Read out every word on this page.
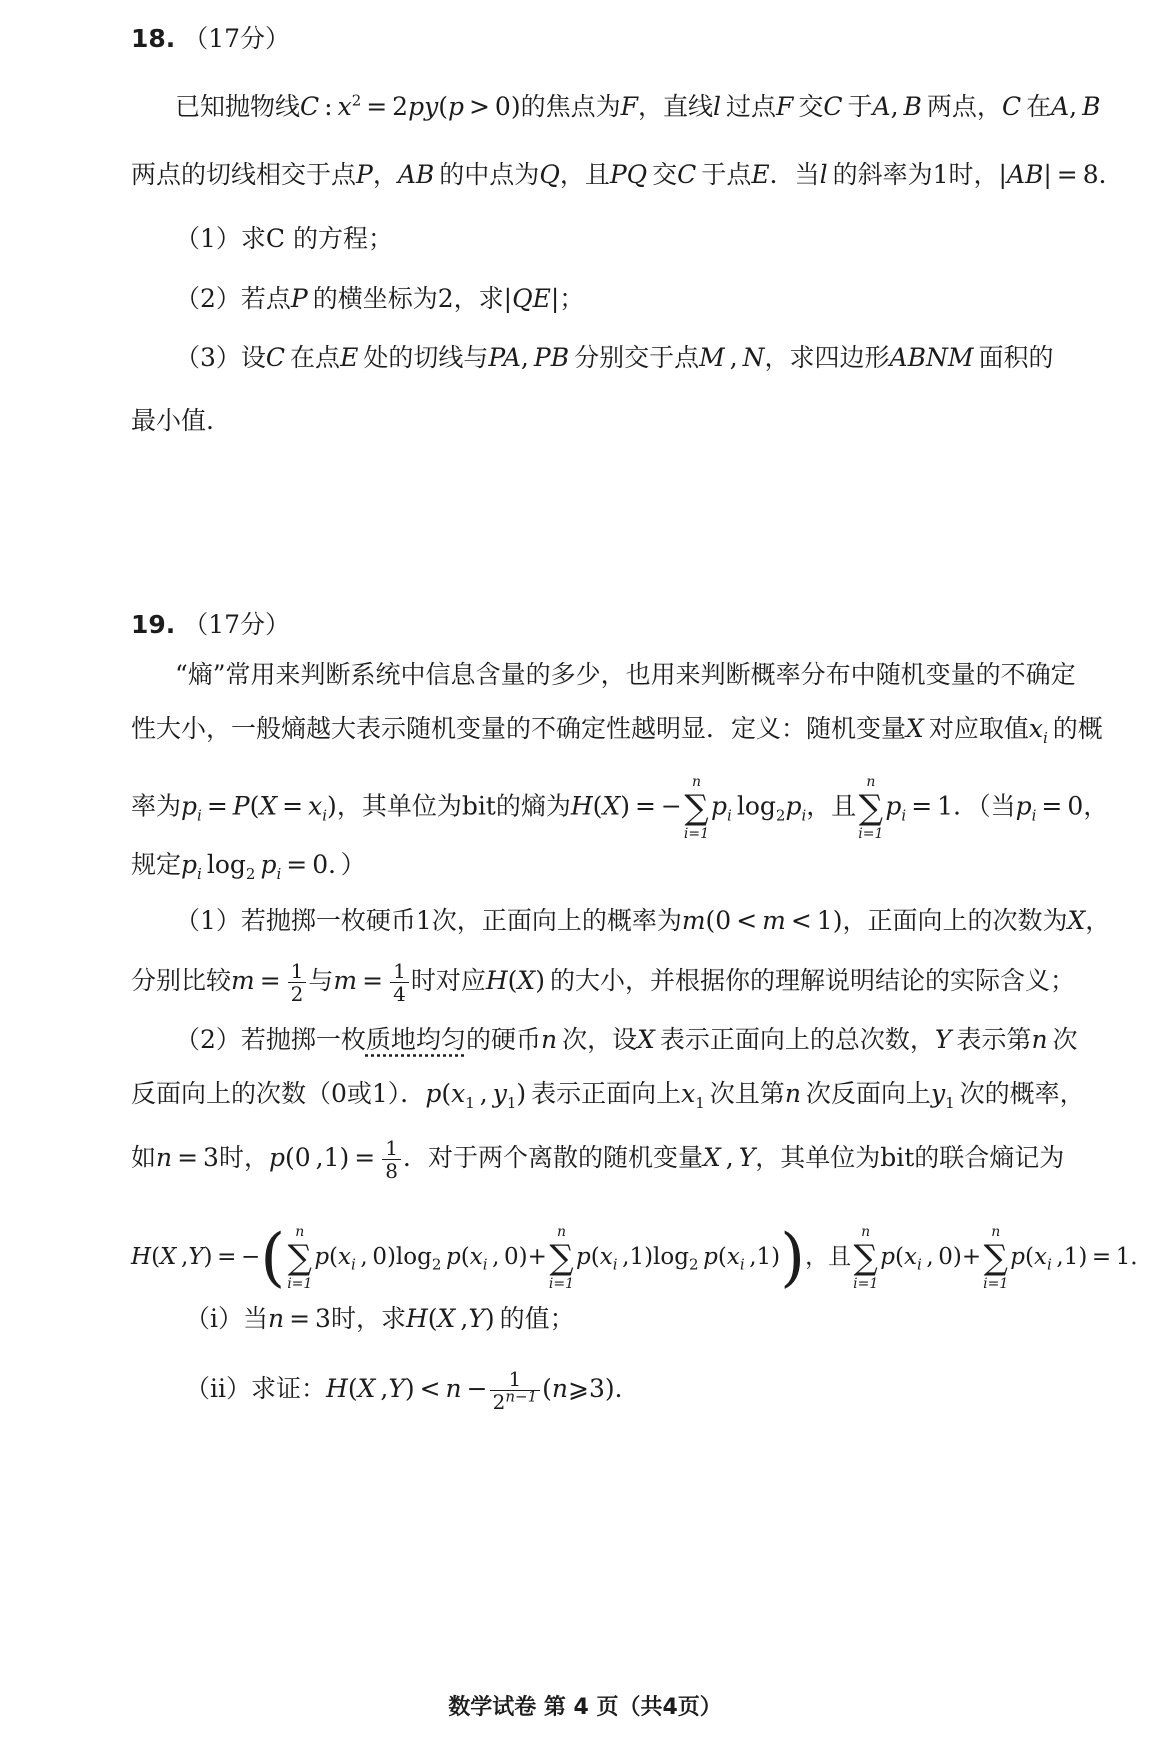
18. （17分）
已知抛物线C : $x^2 = 2py(p > 0)$的焦点为F，直线l  过点F  交C  于A, B  两点，C  在A, B
两点的切线相交于点P，AB  的中点为Q，且PQ  交C  于点E．当l  的斜率为1时，|AB| = 8．
（1）求C 的方程；
（2）若点P  的横坐标为2，求|QE|；
（3）设C  在点E  处的切线与PA, PB  分别交于点M , N，求四边形ABNM  面积的
最小值.
19. （17分）
“熵”常用来判断系统中信息含量的多少，也用来判断概率分布中随机变量的不确定
性大小，一般熵越大表示随机变量的不确定性越明显．定义：随机变量X  对应取值$x_i$  的概
率为$p_i = P(X = x_i)$，其单位为bit的熵为H(X) = −
n
∑
i=1
$p_i$ $\log_2p_i$，且
n
∑
i=1
$p_i = 1$．（当$p_i = 0$，
规定$p_i$ $\log_2 p_i = 0$．）
（1）若抛掷一枚硬币1次，正面向上的概率为m(0 < m < 1)，正面向上的次数为X，
分别比较$m = \frac{1}{2}$ 与$m = \frac{1}{4}$ 时对应H(X) 的大小，并根据你的理解说明结论的实际含义；
（2）若抛掷一枚质地均匀的硬币n  次，设X  表示正面向上的总次数，Y  表示第n  次
反面向上的次数（0或1）．$p(x_1$ , $y_1$) 表示正面向上$x_1$  次且第n  次反面向上$y_1$  次的概率，
如n = 3时，p(0 $,1) = \frac{1}{8}$ ．对于两个离散的随机变量X , Y，其单位为bit的联合熵记为
H(X ,Y) = −( n
∑
i=1
$p(x_i$ , $0)\log_2$  $p(x_i$ , 0)+
n
∑
i=1
$p(x_i$ $,1)\log_2$  $p(x_i$ ,1))，且
n
∑
i=1
$p(x_i$ , 0)+
n
∑
i=1
$p(x_i$ ,1) = 1．
（i）当n = 3时，求H(X ,Y) 的值；
（ii）求证：H(X $,Y) < n - \frac{1}{2^{n-1}}$ (n⩾3)．
数学试卷 第 4 页（共4页）
